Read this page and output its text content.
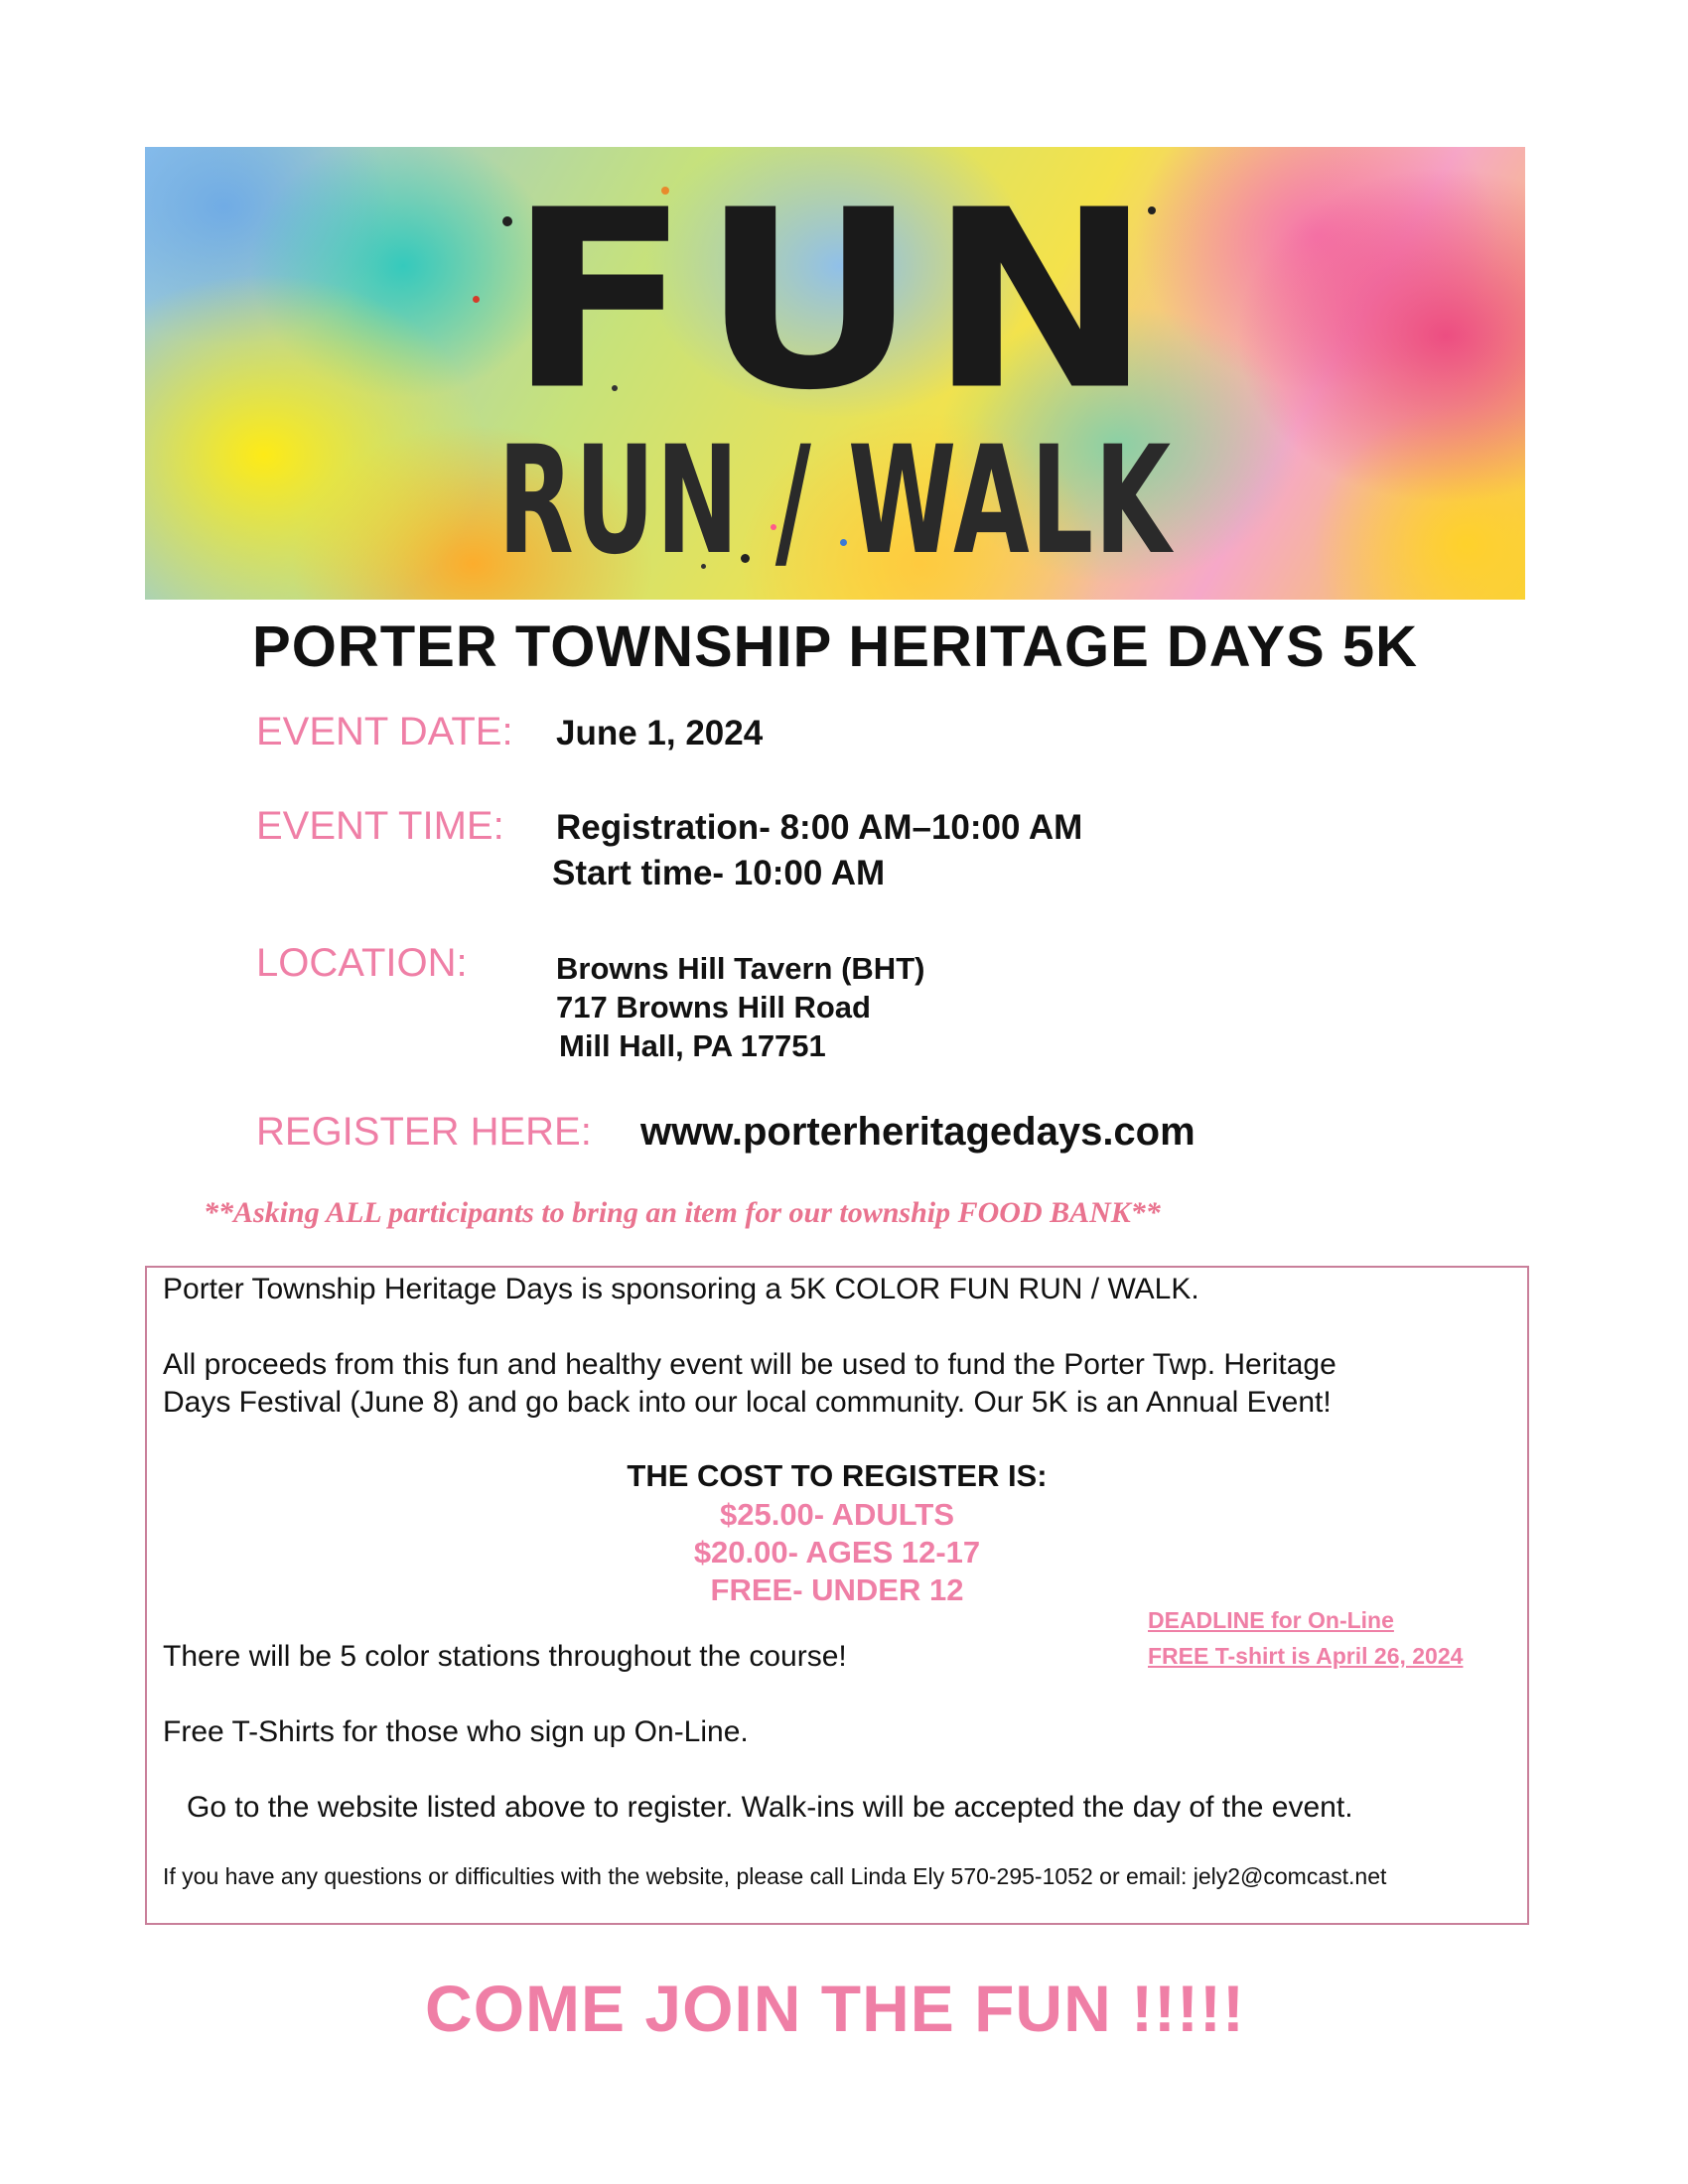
FUN
RUN / WALK
PORTER TOWNSHIP HERITAGE DAYS 5K
EVENT DATE: June 1, 2024
EVENT TIME: Registration- 8:00 AM–10:00 AM
Start time- 10:00 AM
LOCATION:	Browns Hill Tavern (BHT)
717 Browns Hill Road
Mill Hall, PA 17751
REGISTER HERE: www.porterheritagedays.com
**Asking ALL participants to bring an item for our township FOOD BANK**
Porter Township Heritage Days is sponsoring a 5K COLOR FUN RUN / WALK.
All proceeds from this fun and healthy event will be used to fund the Porter Twp. Heritage
Days Festival (June 8) and go back into our local community. Our 5K is an Annual Event!
THE COST TO REGISTER IS:
$25.00- ADULTS
$20.00- AGES 12-17
FREE- UNDER 12
DEADLINE for On-Line
FREE T-shirt is April 26, 2024
There will be 5 color stations throughout the course!
Free T-Shirts for those who sign up On-Line.
Go to the website listed above to register. Walk-ins will be accepted the day of the event.
If you have any questions or difficulties with the website, please call Linda Ely 570-295-1052 or email: jely2@comcast.net
COME JOIN THE FUN !!!!!
